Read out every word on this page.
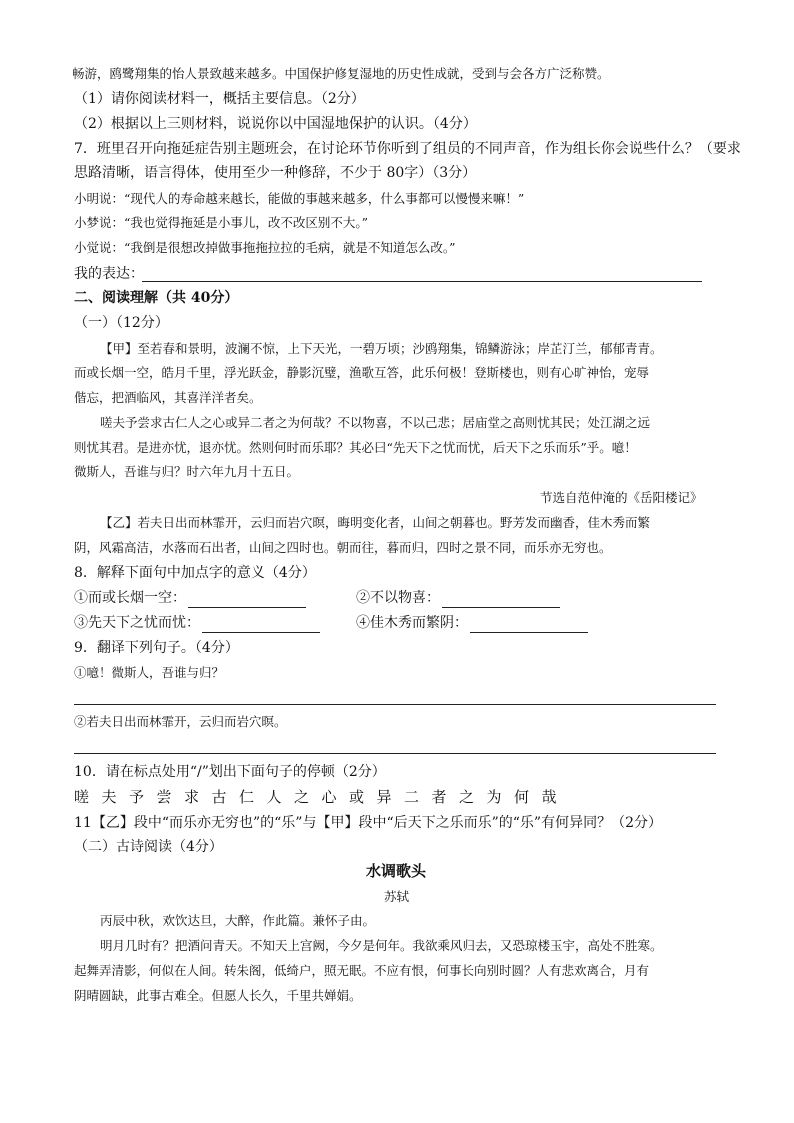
畅游，鸥鹭翔集的怡人景致越来越多。中国保护修复湿地的历史性成就，受到与会各方广泛称赞。
（1）请你阅读材料一，概括主要信息。（2分）
（2）根据以上三则材料，说说你以中国湿地保护的认识。（4分）
7．班里召开向拖延症告别主题班会，在讨论环节你听到了组员的不同声音，作为组长你会说些什么？（要求
思路清晰，语言得体，使用至少一种修辞，不少于 80字）（3分）
小明说：“现代人的寿命越来越长，能做的事越来越多，什么事都可以慢慢来嘛！”
小梦说：“我也觉得拖延是小事儿，改不改区别不大。”
小觉说：“我倒是很想改掉做事拖拖拉拉的毛病，就是不知道怎么改。”
我的表达：
二、阅读理解（共 40分）
（一）（12分）
【甲】至若春和景明，波澜不惊，上下天光，一碧万顷；沙鸥翔集，锦鳞游泳；岸芷汀兰，郁郁青青。
而或长烟一空，皓月千里，浮光跃金，静影沉璧，渔歌互答，此乐何极！登斯楼也，则有心旷神怡，宠辱
偕忘，把酒临风，其喜洋洋者矣。
嗟夫予尝求古仁人之心或异二者之为何哉？不以物喜，不以己悲；居庙堂之高则忧其民；处江湖之远
则忧其君。是进亦忧，退亦忧。然则何时而乐耶？其必曰“先天下之忧而忧，后天下之乐而乐”乎。噫！
微斯人，吾谁与归？时六年九月十五日。
节选自范仲淹的《岳阳楼记》
【乙】若夫日出而林霏开，云归而岩穴暝，晦明变化者，山间之朝暮也。野芳发而幽香，佳木秀而繁
阴，风霜高洁，水落而石出者，山间之四时也。朝而往，暮而归，四时之景不同，而乐亦无穷也。
8．解释下面句中加点字的意义（4分）
①而或长烟一空：	②不以物喜：
③先天下之忧而忧：	④佳木秀而繁阴：
9．翻译下列句子。（4分）
①噫！微斯人，吾谁与归？
②若夫日出而林霏开，云归而岩穴暝。
10．请在标点处用“/”划出下面句子的停顿（2分）
嗟夫予尝求古仁人之心或异二者之为何哉
11【乙】段中“而乐亦无穷也”的“乐”与【甲】段中“后天下之乐而乐”的“乐”有何异同？（2分）
（二）古诗阅读（4分）
水调歌头
苏轼
丙辰中秋，欢饮达旦，大醉，作此篇。兼怀子由。
明月几时有？把酒问青天。不知天上宫阙，今夕是何年。我欲乘风归去，又恐琼楼玉宇，高处不胜寒。
起舞弄清影，何似在人间。转朱阁，低绮户，照无眠。不应有恨，何事长向别时圆？人有悲欢离合，月有
阴晴圆缺，此事古难全。但愿人长久，千里共婵娟。
